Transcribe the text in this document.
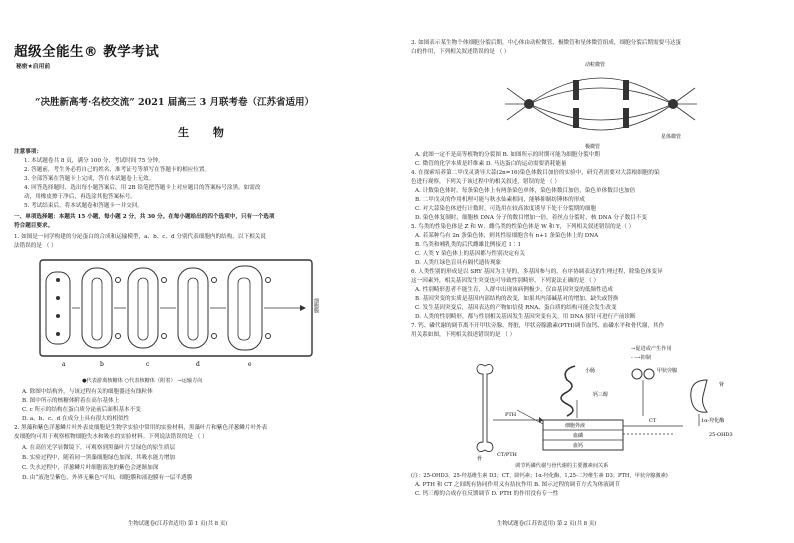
超级全能生® 教学考试
秘密★启用前
“决胜新高考·名校交流” 2021 届高三 3 月联考卷（江苏省适用）
生 物
注意事项：
1. 本试题卷共 8 页，满分 100 分，考试时间 75 分钟。
2. 答题前，考生务必将自己的姓名、准考证号等填写在答题卡的相应位置。
3. 全部答案在答题卡上完成，答在本试题卷上无效。
4. 回答选择题时，选出每小题答案后，用 2B 铅笔把答题卡上对应题目的答案标号涂黑。如需改
动，用橡皮擦干净后，再选涂其他答案标号。
5. 考试结束后，将本试题卷和答题卡一并交回。
一、单项选择题：本题共 15 小题，每小题 2 分，共 30 分。在每小题给出的四个选项中，只有一个选项
符合题目要求。
1. 如图是一同学构建的分泌蛋白的合成和运输模型，a、b、c、d 分别代表细胞内的结构，以下相关说
法错误的是 （ ）
a	b	c	d	e
细胞膜
●代表游离核糖体 ○代表核糖体（附着） →运输方向
A. 除图中结构外，与该过程有关的细胞器还有线粒体
B. 图中所示的核糖体附着在高尔基体上
C. c 所示的结构在蛋白质分泌前后面积基本不变
D. a、b、c、d 在成分上具有很大的相似性
2. 黑藻和紫色洋葱鳞片叶外表皮细胞是生物学实验中常用的实验材料，黑藻叶片和紫色洋葱鳞片叶外表
皮细胞均可用于观察植物细胞失水和吸水的实验材料。下列说法错误的是 （ ）
A. 在高倍光学显微镜下，可观察到黑藻叶片呈绿色的原生质层
B. 实验过程中，随着同一黑藻细胞绿色加深，其吸水能力增加
C. 失水过程中，洋葱鳞片叶细胞液泡的紫色会逐渐加深
D. 由“液泡呈紫色，外界无紫色”可知，细胞膜和液泡膜有一层半透膜
生物试题卷(江苏省适用) 第 1 页(共 8 页)
3. 如图表示某生物个体细胞分裂后期，中心体由动粒微管、极微管和星体微管组成，细胞分裂后期需要马达蛋
白的作用，下列相关叙述错误的是 （ ）
动粒微管
极微管
星体微管
A. 此图一定不是高等植物的分裂图 B. 如图所示的时期可能为细胞分裂中期
C. 微管的化学本质是纤维素 D. 马达蛋白的运动需要消耗能量
4. 在探索培养第二甲戊灵诱导大蒜(2n=16)染色体数目加倍的实验中，研究者需要对大蒜根细胞的染
色进行观察，下列关于该过程中的相关叙述，错误的是 （ ）
A. 计数染色体时，每条染色体上有两条染色单体，染色体数目加倍，染色单体数目也加倍
B. 二甲戊灵的作用机理可能与秋水仙素相同，能够抑制纺锤体的形成
C. 对大蒜染色体进行计数时，可选用在较高浓度诱导下处于分裂期的细胞
D. 染色体复制时，细胞核 DNA 分子的数目增加一倍，着丝点分裂时，核 DNA 分子数目不变
5. 鸟类的性染色体是 Z 和 W，雌鸟类的性染色体是 W 和 Y，下列相关叙述错误的是（ ）
A. 若某种鸟有 2n 条染色体，则其性原细胞含有 n+1 条染色体上的 DNA
B. 鸟类和哺乳类的后代雌雄比例接近 1∶1
C. 人类 Y 染色体上的基因都与性别决定有关
D. 人类红绿色盲具有隔代遗传现象
6. 人类性别的形成是以 SRY 基因为主导的，多基因参与的，有序协调表达的生理过程，除染色体变异
这一因素外，相关基因发生突变也可导致性别畸形，下列说法正确的是 （ ）
A. 性别畸形患者不能生育，人群中出现该病例极少，仅由基因突变的低频性造成
B. 基因突变的实质是基因内部结构的改变，如果其内部碱基对的增加、缺失或替换
C. 发生基因突变后，基因表达的产物如信使 RNA、蛋白质的结构可能会发生改变
D. 人类的性别畸形，都与性别相关基因发生基因突变有关，用 DNA 探针可进行产前诊断
7. 钙、磷代谢的调节离不开甲状旁腺、肾脏，甲状旁腺激素(PTH)调节血钙、血磷水平和骨代谢，其作
用关系如图，下列相关叙述错误的是 （ ）
→促进或产生作用
- -→抑制
骨
小肠
肾
甲状旁腺
细胞外液
血磷
血钙
钙三醇
PTH
CT
CT/PTH
1α-羟化酶
25-OHD3
调节钙磷代谢与骨代谢的主要激素间关系
(注：25-OHD3、25-羟基维生素 D3；CT，降钙素；1α-羟化酶，1,25-二羟维生素 D3；PTH，甲状旁腺激素)
A. PTH 和 CT 之间既有协同作用又有拮抗作用 B. 图示过程的调节方式为体液调节
C. 钙三醇的合成存在反馈调节 D. PTH 的作用没有专一性
生物试题卷(江苏省适用) 第 2 页(共 8 页)
